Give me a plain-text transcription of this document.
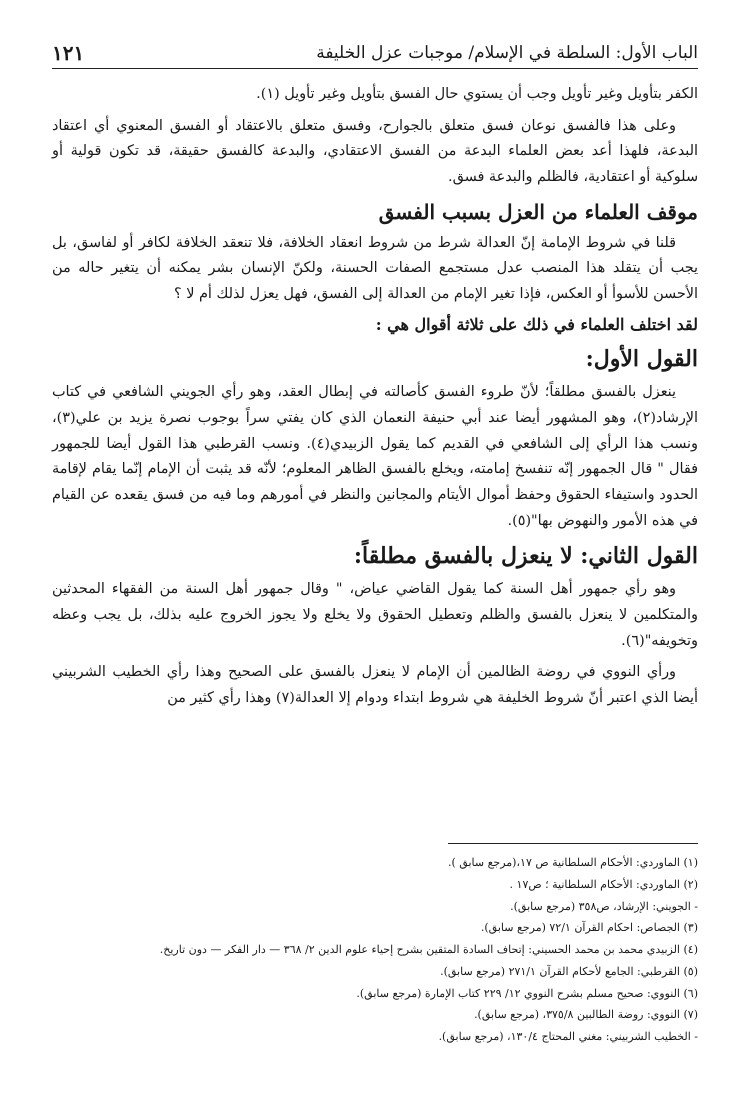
الباب الأول: السلطة في الإسلام/ موجبات عزل الخليفة
١٢١

الكفر بتأويل وغير تأويل وجب أن يستوي حال الفسق بتأويل وغير تأويل (١).

وعلى هذا فالفسق نوعان فسق متعلق بالجوارح، وفسق متعلق بالاعتقاد أو الفسق المعنوي أي اعتقاد البدعة، فلهذا أعد بعض العلماء البدعة من الفسق الاعتقادي، والبدعة كالفسق حقيقة، قد تكون قولية أو سلوكية أو اعتقادية، فالظلم والبدعة فسق.

موقف العلماء من العزل بسبب الفسق

قلنا في شروط الإمامة إنّ العدالة شرط من شروط انعقاد الخلافة، فلا تنعقد الخلافة لكافر أو لفاسق، بل يجب أن يتقلد هذا المنصب عدل مستجمع الصفات الحسنة، ولكنّ الإنسان بشر يمكنه أن يتغير حاله من الأحسن للأسوأ أو العكس، فإذا تغير الإمام من العدالة إلى الفسق، فهل يعزل لذلك أم لا ؟

لقد اختلف العلماء في ذلك على ثلاثة أقوال هي :
القول الأول:

ينعزل بالفسق مطلقاً؛ لأنّ طروء الفسق كأصالته في إبطال العقد، وهو رأي الجويني الشافعي في كتاب الإرشاد(٢)، وهو المشهور أيضا عند أبي حنيفة النعمان الذي كان يفتي سراً بوجوب نصرة يزيد بن علي(٣)، ونسب هذا الرأي إلى الشافعي في القديم كما يقول الزبيدي(٤). ونسب القرطبي هذا القول أيضا للجمهور فقال " قال الجمهور إنّه تنفسخ إمامته، ويخلع بالفسق الظاهر المعلوم؛ لأنّه قد يثبت أن الإمام إنّما يقام لإقامة الحدود واستيفاء الحقوق وحفظ أموال الأيتام والمجانين والنظر في أمورهم وما فيه من فسق يقعده عن القيام في هذه الأمور والنهوض بها"(٥).

القول الثاني: لا ينعزل بالفسق مطلقاً:

وهو رأي جمهور أهل السنة كما يقول القاضي عياض، " وقال جمهور أهل السنة من الفقهاء المحدثين والمتكلمين لا ينعزل بالفسق والظلم وتعطيل الحقوق ولا يخلع ولا يجوز الخروج عليه بذلك، بل يجب وعظه وتخويفه"(٦).

ورأي النووي في روضة الظالمين أن الإمام لا ينعزل بالفسق على الصحيح وهذا رأي الخطيب الشربيني أيضا الذي اعتبر أنّ شروط الخليفة هي شروط ابتداء ودوام إلا العدالة(٧) وهذا رأي كثير من

(١) الماوردي: الأحكام السلطانية ص ١٧،(مرجع سابق ).

(٢) الماوردي: الأحكام السلطانية ؛ ص١٧ .

- الجويني: الإرشاد، ص٣٥٨ (مرجع سابق).

(٣) الجصاص: احكام القرآن ٧٢/١ (مرجع سابق).

(٤) الزبيدي محمد بن محمد الحسيني: إتحاف السادة المتقين بشرح إحياء علوم الدين ٢/ ٣٦٨ — دار الفكر — دون تاريخ.

(٥) القرطبي: الجامع لأحكام القرآن ٢٧١/١ (مرجع سابق).

(٦) النووي: صحيح مسلم بشرح النووي ١٢/ ٢٢٩ كتاب الإمارة (مرجع سابق).

(٧) النووي: روضة الطالبين ٣٧٥/٨، (مرجع سابق).

- الخطيب الشربيني: مغني المحتاج ١٣٠/٤، (مرجع سابق).
